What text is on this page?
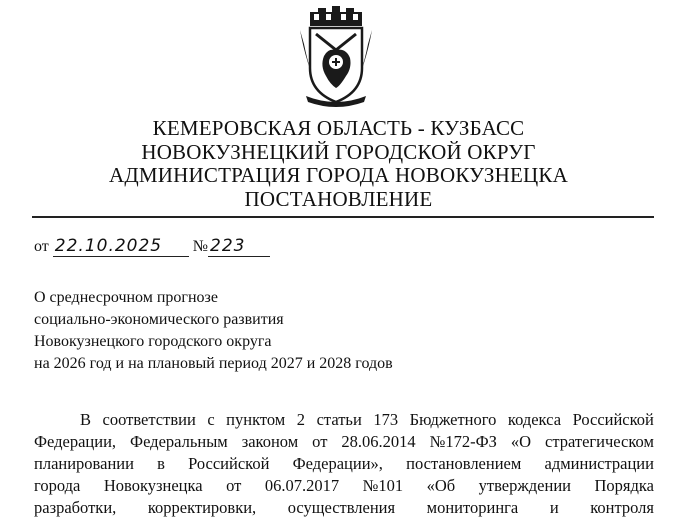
КЕМЕРОВСКАЯ ОБЛАСТЬ - КУЗБАСС
НОВОКУЗНЕЦКИЙ ГОРОДСКОЙ ОКРУГ
АДМИНИСТРАЦИЯ ГОРОДА НОВОКУЗНЕЦКА
ПОСТАНОВЛЕНИЕ
от 22.10.2025 № 223
О среднесрочном прогнозе
социально-экономического развития
Новокузнецкого городского округа
на 2026 год и на плановый период 2027 и 2028 годов
В соответствии с пунктом 2 статьи 173 Бюджетного кодекса Российской
Федерации, Федеральным законом от 28.06.2014 №172-ФЗ «О стратегическом
планировании в Российской Федерации», постановлением администрации
города Новокузнецка от 06.07.2017 №101 «Об утверждении Порядка
разработки, корректировки, осуществления мониторинга и контроля
